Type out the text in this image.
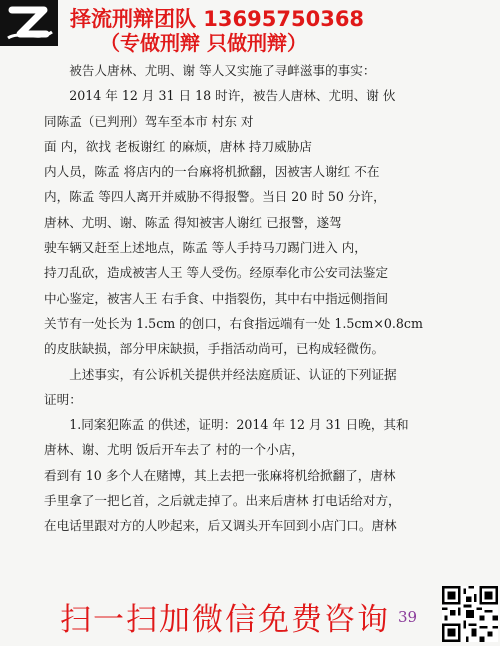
择流刑辩团队 13695750368
（专做刑辩 只做刑辩）

被告人唐林、尤明、谢 等人又实施了寻衅滋事的事实：

2014 年 12 月 31 日 18 时许，被告人唐林、尤明、谢 伙

同陈孟（已判刑）驾车至本市 村东 对

面 内，欲找 老板谢红 的麻烦，唐林 持刀威胁店

内人员，陈孟 将店内的一台麻将机掀翻，因被害人谢红 不在

内，陈孟 等四人离开并威胁不得报警。当日 20 时 50 分许，

唐林、尤明、谢、陈孟 得知被害人谢红 已报警，遂驾

驶车辆又赶至上述地点，陈孟 等人手持马刀踢门进入 内，

持刀乱砍，造成被害人王 等人受伤。经原奉化市公安司法鉴定

中心鉴定，被害人王 右手食、中指裂伤，其中右中指远侧指间

关节有一处长为 1.5cm 的创口，右食指远端有一处 1.5cm×0.8cm

的皮肤缺损，部分甲床缺损，手指活动尚可，已构成轻微伤。

上述事实，有公诉机关提供并经法庭质证、认证的下列证据

证明：

1.同案犯陈孟 的供述，证明：2014 年 12 月 31 日晚，其和

唐林、谢、尤明 饭后开车去了 村的一个小店，

看到有 10 多个人在赌博，其上去把一张麻将机给掀翻了，唐林

手里拿了一把匕首，之后就走掉了。出来后唐林 打电话给对方，

在电话里跟对方的人吵起来，后又调头开车回到小店门口。唐林

扫一扫加微信免费咨询 39
